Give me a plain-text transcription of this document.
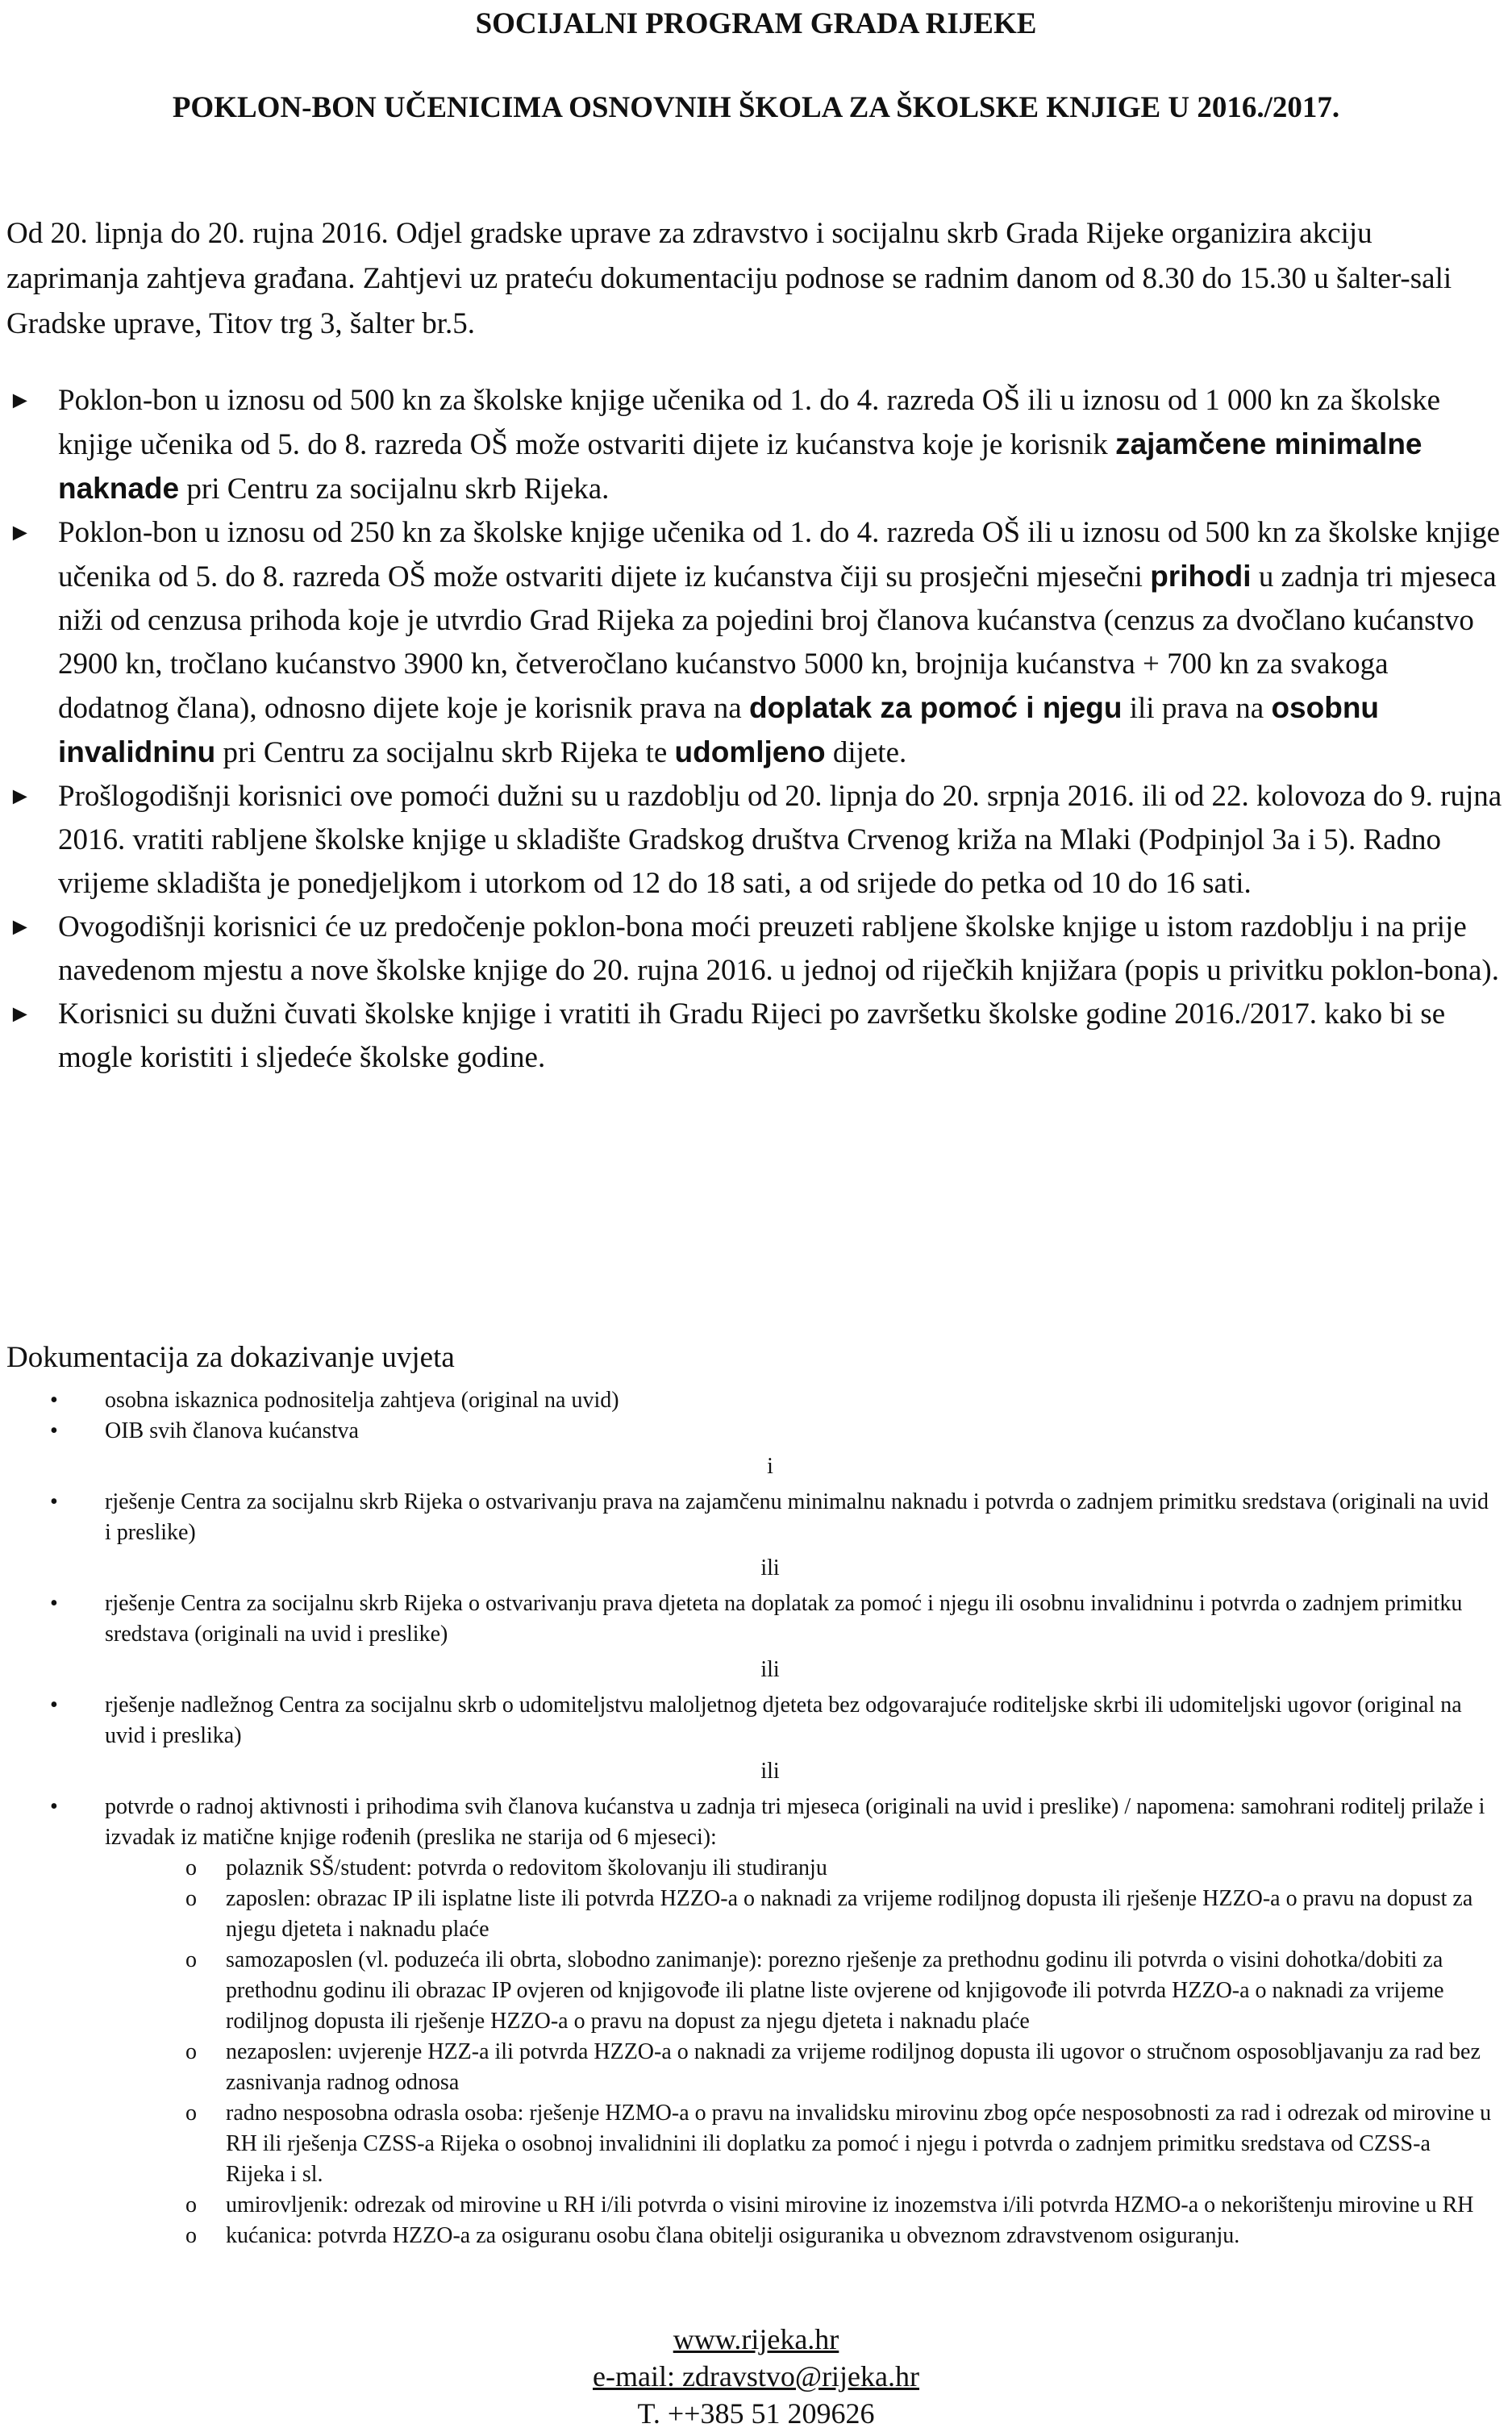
SOCIJALNI PROGRAM GRADA RIJEKE
POKLON-BON UČENICIMA OSNOVNIH ŠKOLA ZA ŠKOLSKE KNJIGE U 2016./2017.

Od 20. lipnja do 20. rujna 2016. Odjel gradske uprave za zdravstvo i socijalnu skrb Grada Rijeke organizira akciju zaprimanja zahtjeva građana. Zahtjevi uz prateću dokumentaciju podnose se radnim danom od 8.30 do 15.30 u šalter-sali Gradske uprave, Titov trg 3, šalter br.5.

► Poklon-bon u iznosu od 500 kn za školske knjige učenika od 1. do 4. razreda OŠ ili u iznosu od 1 000 kn za školske knjige učenika od 5. do 8. razreda OŠ može ostvariti dijete iz kućanstva koje je korisnik zajamčene minimalne naknade pri Centru za socijalnu skrb Rijeka.
► Poklon-bon u iznosu od 250 kn za školske knjige učenika od 1. do 4. razreda OŠ ili u iznosu od 500 kn za školske knjige učenika od 5. do 8. razreda OŠ može ostvariti dijete iz kućanstva čiji su prosječni mjesečni prihodi u zadnja tri mjeseca niži od cenzusa prihoda koje je utvrdio Grad Rijeka za pojedini broj članova kućanstva (cenzus za dvočlano kućanstvo 2900 kn, tročlano kućanstvo 3900 kn, četveročlano kućanstvo 5000 kn, brojnija kućanstva + 700 kn za svakoga dodatnog člana), odnosno dijete koje je korisnik prava na doplatak za pomoć i njegu ili prava na osobnu invalidninu pri Centru za socijalnu skrb Rijeka te udomljeno dijete.
► Prošlogodišnji korisnici ove pomoći dužni su u razdoblju od 20. lipnja do 20. srpnja 2016. ili od 22. kolovoza do 9. rujna 2016. vratiti rabljene školske knjige u skladište Gradskog društva Crvenog križa na Mlaki (Podpinjol 3a i 5). Radno vrijeme skladišta je ponedjeljkom i utorkom od 12 do 18 sati, a od srijede do petka od 10 do 16 sati.
► Ovogodišnji korisnici će uz predočenje poklon-bona moći preuzeti rabljene školske knjige u istom razdoblju i na prije navedenom mjestu a nove školske knjige do 20. rujna 2016. u jednoj od riječkih knjižara (popis u privitku poklon-bona).
► Korisnici su dužni čuvati školske knjige i vratiti ih Gradu Rijeci po završetku školske godine 2016./2017. kako bi se mogle koristiti i sljedeće školske godine.
Dokumentacija za dokazivanje uvjeta
• osobna iskaznica podnositelja zahtjeva (original na uvid)
• OIB svih članova kućanstva
i
• rješenje Centra za socijalnu skrb Rijeka o ostvarivanju prava na zajamčenu minimalnu naknadu i potvrda o zadnjem primitku sredstava (originali na uvid i preslike)
ili
• rješenje Centra za socijalnu skrb Rijeka o ostvarivanju prava djeteta na doplatak za pomoć i njegu ili osobnu invalidninu i potvrda o zadnjem primitku sredstava (originali na uvid i preslike)
ili
• rješenje nadležnog Centra za socijalnu skrb o udomiteljstvu maloljetnog djeteta bez odgovarajuće roditeljske skrbi ili udomiteljski ugovor (original na uvid i preslika)
ili
• potvrde o radnoj aktivnosti i prihodima svih članova kućanstva u zadnja tri mjeseca (originali na uvid i preslike) / napomena: samohrani roditelj prilaže i izvadak iz matične knjige rođenih (preslika ne starija od 6 mjeseci):
o polaznik SŠ/student: potvrda o redovitom školovanju ili studiranju
o zaposlen: obrazac IP ili isplatne liste ili potvrda HZZO-a o naknadi za vrijeme rodiljnog dopusta ili rješenje HZZO-a o pravu na dopust za njegu djeteta i naknadu plaće
o samozaposlen (vl. poduzeća ili obrta, slobodno zanimanje): porezno rješenje za prethodnu godinu ili potvrda o visini dohotka/dobiti za prethodnu godinu ili obrazac IP ovjeren od knjigovođe ili platne liste ovjerene od knjigovođe ili potvrda HZZO-a o naknadi za vrijeme rodiljnog dopusta ili rješenje HZZO-a o pravu na dopust za njegu djeteta i naknadu plaće
o nezaposlen: uvjerenje HZZ-a ili potvrda HZZO-a o naknadi za vrijeme rodiljnog dopusta ili ugovor o stručnom osposobljavanju za rad bez zasnivanja radnog odnosa
o radno nesposobna odrasla osoba: rješenje HZMO-a o pravu na invalidsku mirovinu zbog opće nesposobnosti za rad i odrezak od mirovine u RH ili rješenja CZSS-a Rijeka o osobnoj invalidnini ili doplatku za pomoć i njegu i potvrda o zadnjem primitku sredstava od CZSS-a Rijeka i sl.
o umirovljenik: odrezak od mirovine u RH i/ili potvrda o visini mirovine iz inozemstva i/ili potvrda HZMO-a o nekorištenju mirovine u RH
o kućanica: potvrda HZZO-a za osiguranu osobu člana obitelji osiguranika u obveznom zdravstvenom osiguranju.
www.rijeka.hr
e-mail: zdravstvo@rijeka.hr
T. ++385 51 209626
